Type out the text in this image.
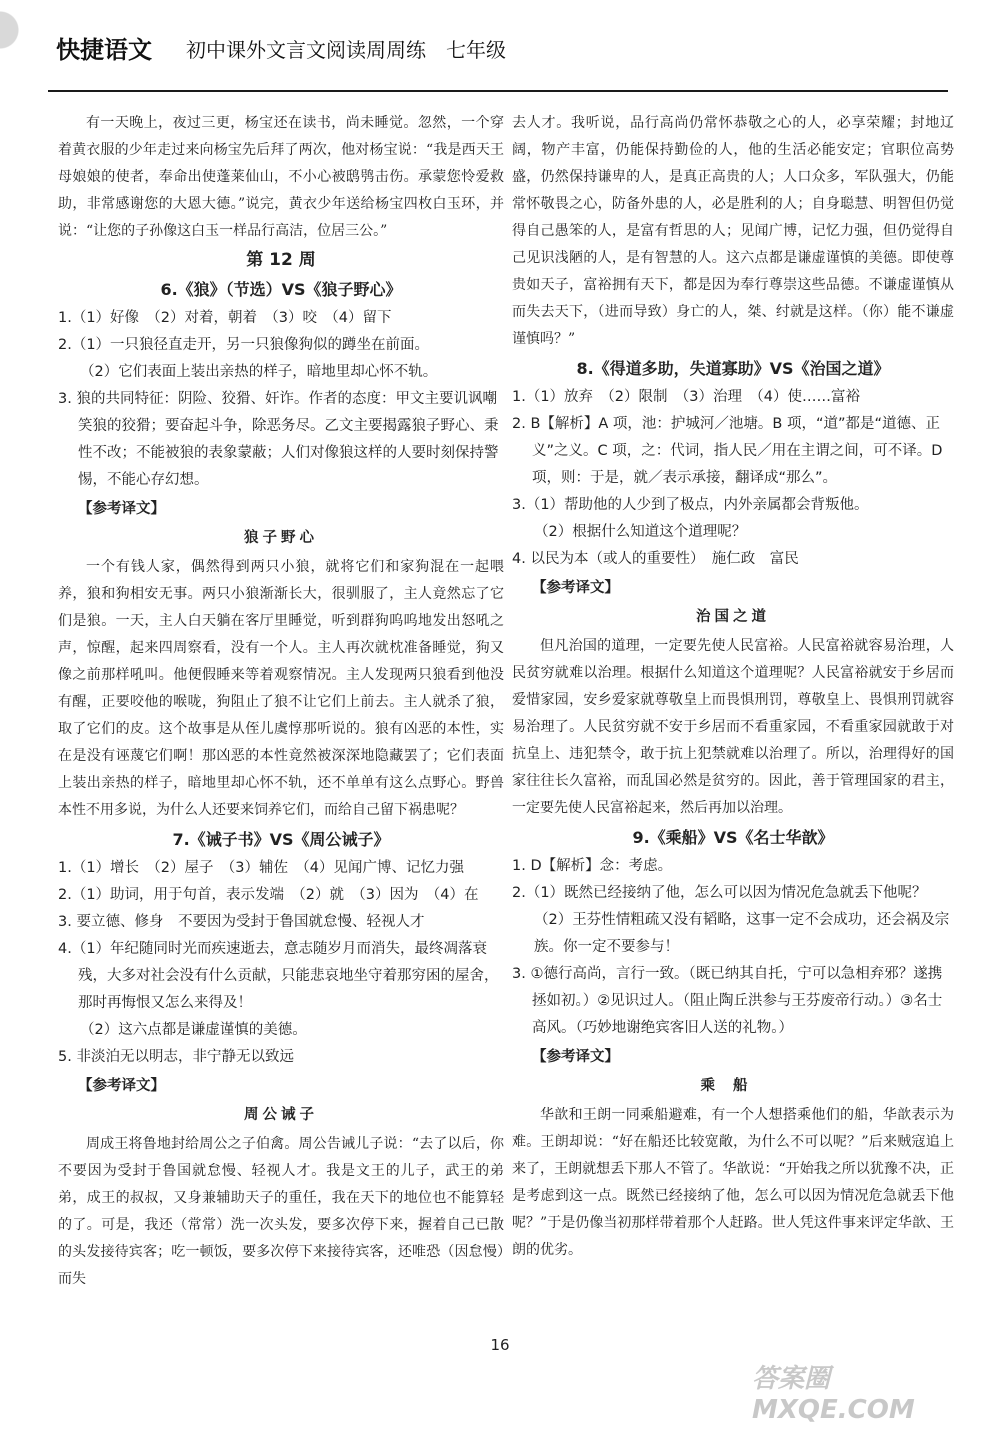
快捷语文 初中课外文言文阅读周周练　七年级

有一天晚上，夜过三更，杨宝还在读书，尚未睡觉。忽然，一个穿着黄衣服的少年走过来向杨宝先后拜了两次，他对杨宝说：“我是西天王母娘娘的使者，奉命出使蓬莱仙山，不小心被鸱鸮击伤。承蒙您怜爱救助，非常感谢您的大恩大德。”说完，黄衣少年送给杨宝四枚白玉环，并说：“让您的子孙像这白玉一样品行高洁，位居三公。”

第 12 周
6.《狼》（节选）VS《狼子野心》

1.（1）好像　（2）对着，朝着　（3）咬　（4）留下

2.（1）一只狼径直走开，另一只狼像狗似的蹲坐在前面。

（2）它们表面上装出亲热的样子，暗地里却心怀不轨。

3. 狼的共同特征：阴险、狡猾、奸诈。作者的态度：甲文主要讥讽嘲笑狼的狡猾；要奋起斗争，除恶务尽。乙文主要揭露狼子野心、秉性不改；不能被狼的表象蒙蔽；人们对像狼这样的人要时刻保持警惕，不能心存幻想。

【参考译文】
狼子野心

一个有钱人家，偶然得到两只小狼，就将它们和家狗混在一起喂养，狼和狗相安无事。两只小狼渐渐长大，很驯服了，主人竟然忘了它们是狼。一天，主人白天躺在客厅里睡觉，听到群狗呜呜地发出怒吼之声，惊醒，起来四周察看，没有一个人。主人再次就枕准备睡觉，狗又像之前那样吼叫。他便假睡来等着观察情况。主人发现两只狼看到他没有醒，正要咬他的喉咙，狗阻止了狼不让它们上前去。主人就杀了狼，取了它们的皮。这个故事是从侄儿虞惇那听说的。狼有凶恶的本性，实在是没有诬蔑它们啊！那凶恶的本性竟然被深深地隐藏罢了；它们表面上装出亲热的样子，暗地里却心怀不轨，还不单单有这么点野心。野兽本性不用多说，为什么人还要来饲养它们，而给自己留下祸患呢？

7.《诫子书》VS《周公诫子》

1.（1）增长　（2）屋子　（3）辅佐　（4）见闻广博、记忆力强

2.（1）助词，用于句首，表示发端　（2）就　（3）因为　（4）在

3. 要立德、修身　不要因为受封于鲁国就怠慢、轻视人才

4.（1）年纪随同时光而疾速逝去，意志随岁月而消失，最终凋落衰残，大多对社会没有什么贡献，只能悲哀地坐守着那穷困的屋舍，那时再悔恨又怎么来得及！

（2）这六点都是谦虚谨慎的美德。

5. 非淡泊无以明志，非宁静无以致远

【参考译文】
周公诫子

周成王将鲁地封给周公之子伯禽。周公告诫儿子说：“去了以后，你不要因为受封于鲁国就怠慢、轻视人才。我是文王的儿子，武王的弟弟，成王的叔叔，又身兼辅助天子的重任，我在天下的地位也不能算轻的了。可是，我还（常常）洗一次头发，要多次停下来，握着自己已散的头发接待宾客；吃一顿饭，要多次停下来接待宾客，还唯恐（因怠慢）而失

去人才。我听说，品行高尚仍常怀恭敬之心的人，必享荣耀；封地辽阔，物产丰富，仍能保持勤俭的人，他的生活必能安定；官职位高势盛，仍然保持谦卑的人，是真正高贵的人；人口众多，军队强大，仍能常怀敬畏之心，防备外患的人，必是胜利的人；自身聪慧、明智但仍觉得自己愚笨的人，是富有哲思的人；见闻广博，记忆力强，但仍觉得自己见识浅陋的人，是有智慧的人。这六点都是谦虚谨慎的美德。即使尊贵如天子，富裕拥有天下，都是因为奉行尊崇这些品德。不谦虚谨慎从而失去天下，（进而导致）身亡的人，桀、纣就是这样。（你）能不谦虚谨慎吗？”

8.《得道多助，失道寡助》VS《治国之道》

1.（1）放弃　（2）限制　（3）治理　（4）使……富裕

2. B【解析】A 项，池：护城河／池塘。B 项，“道”都是“道德、正义”之义。C 项，之：代词，指人民／用在主谓之间，可不译。D 项，则：于是，就／表示承接，翻译成“那么”。

3.（1）帮助他的人少到了极点，内外亲属都会背叛他。

（2）根据什么知道这个道理呢？

4. 以民为本（或人的重要性）　施仁政　富民

【参考译文】
治国之道

但凡治国的道理，一定要先使人民富裕。人民富裕就容易治理，人民贫穷就难以治理。根据什么知道这个道理呢？人民富裕就安于乡居而爱惜家园，安乡爱家就尊敬皇上而畏惧刑罚，尊敬皇上、畏惧刑罚就容易治理了。人民贫穷就不安于乡居而不看重家园，不看重家园就敢于对抗皇上、违犯禁令，敢于抗上犯禁就难以治理了。所以，治理得好的国家往往长久富裕，而乱国必然是贫穷的。因此，善于管理国家的君主，一定要先使人民富裕起来，然后再加以治理。

9.《乘船》VS《名士华歆》

1. D【解析】念：考虑。

2.（1）既然已经接纳了他，怎么可以因为情况危急就丢下他呢？

（2）王芬性情粗疏又没有韬略，这事一定不会成功，还会祸及宗族。你一定不要参与！

3. ①德行高尚，言行一致。（既已纳其自托，宁可以急相弃邪？遂携拯如初。）②见识过人。（阻止陶丘洪参与王芬废帝行动。）③名士高风。（巧妙地谢绝宾客旧人送的礼物。）

【参考译文】
乘船

华歆和王朗一同乘船避难，有一个人想搭乘他们的船，华歆表示为难。王朗却说：“好在船还比较宽敞，为什么不可以呢？”后来贼寇追上来了，王朗就想丢下那人不管了。华歆说：“开始我之所以犹豫不决，正是考虑到这一点。既然已经接纳了他，怎么可以因为情况危急就丢下他呢？”于是仍像当初那样带着那个人赶路。世人凭这件事来评定华歆、王朗的优劣。

16
答案圈 MXQE.COM
